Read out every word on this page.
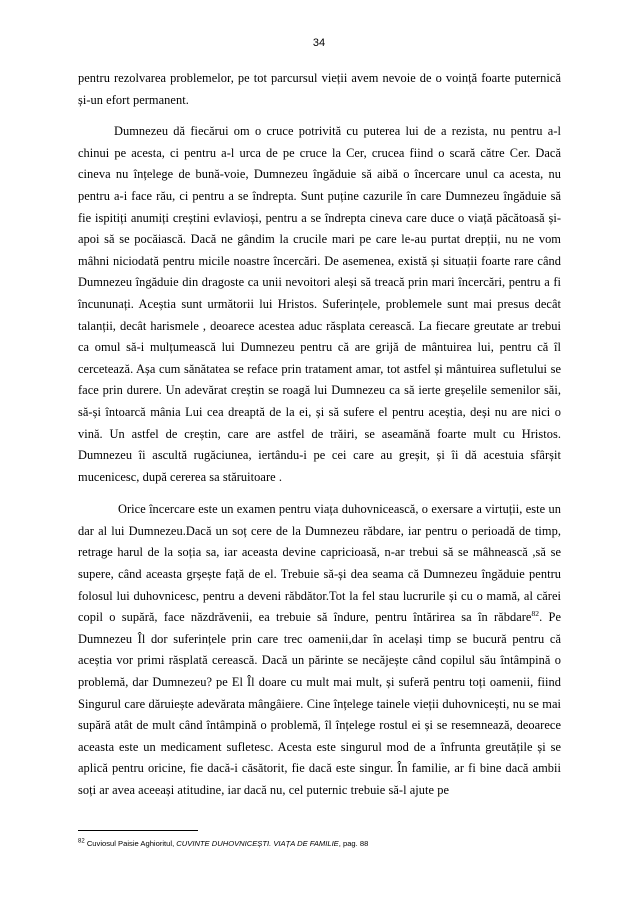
34

pentru rezolvarea problemelor, pe tot parcursul vieții avem nevoie de o voință foarte puternică și-un efort permanent.

Dumnezeu dă fiecărui om o cruce potrivită cu puterea lui de a rezista, nu pentru a-l chinui pe acesta, ci pentru a-l urca de pe cruce la Cer, crucea fiind o scară către Cer. Dacă cineva nu înțelege de bună-voie, Dumnezeu îngăduie să aibă o încercare unul ca acesta, nu pentru a-i face rău, ci pentru a se îndrepta. Sunt puține cazurile în care Dumnezeu îngăduie să fie ispitiți anumiți creștini evlavioși, pentru a se îndrepta cineva care duce o viață păcătoasă și-apoi să se pocăiască. Dacă ne gândim la crucile mari pe care le-au purtat drepții, nu ne vom mâhni niciodată pentru micile noastre încercări. De asemenea, există și situații foarte rare când Dumnezeu îngăduie din dragoste ca unii nevoitori aleși să treacă prin mari încercări, pentru a fi încununați. Aceștia sunt următorii lui Hristos. Suferințele, problemele sunt mai presus decât talanții, decât harismele , deoarece acestea aduc răsplata cerească. La fiecare greutate ar trebui ca omul să-i mulțumească lui Dumnezeu pentru că are grijă de mântuirea lui, pentru că îl cercetează. Așa cum sănătatea se reface prin tratament amar, tot astfel și mântuirea sufletului se face prin durere. Un adevărat creștin se roagă lui Dumnezeu ca să ierte greșelile semenilor săi, să-și întoarcă mânia Lui cea dreaptă de la ei, și să sufere el pentru aceștia, deși nu are nici o vină. Un astfel de creștin, care are astfel de trăiri, se aseamănă foarte mult cu Hristos. Dumnezeu îi ascultă rugăciunea, iertându-i pe cei care au greșit, și îi dă acestuia sfârșit mucenicesc, după cererea sa stăruitoare .

Orice încercare este un examen pentru viața duhovnicească, o exersare a virtuții, este un dar al lui Dumnezeu.Dacă un soț cere de la Dumnezeu răbdare, iar pentru o perioadă de timp, retrage harul de la soția sa, iar aceasta devine capricioasă, n-ar trebui să se mâhnească ,să se supere, când aceasta grșește față de el. Trebuie să-și dea seama că Dumnezeu îngăduie pentru folosul lui duhovnicesc, pentru a deveni răbdător.Tot la fel stau lucrurile și cu o mamă, al cărei copil o supără, face năzdrăvenii, ea trebuie să îndure, pentru întărirea sa în răbdare$^{82}$. Pe Dumnezeu Îl dor suferințele prin care trec oamenii,dar în același timp se bucură pentru că aceștia vor primi răsplată cerească. Dacă un părinte se necăjește când copilul său întâmpină o problemă, dar Dumnezeu? pe El Îl doare cu mult mai mult, și suferă pentru toți oamenii, fiind Singurul care dăruiește adevărata mângâiere. Cine înțelege tainele vieții duhovnicești, nu se mai supără atât de mult când întâmpină o problemă, îl înțelege rostul ei și se resemnează, deoarece aceasta este un medicament sufletesc. Acesta este singurul mod de a înfrunta greutățile și se aplică pentru oricine, fie dacă-i căsătorit, fie dacă este singur. În familie, ar fi bine dacă ambii soți ar avea aceeași atitudine, iar dacă nu, cel puternic trebuie să-l ajute pe

$^{82}$ Cuviosul Paisie Aghioritul, CUVINTE DUHOVNICEȘTI. VIAȚA DE FAMILIE, pag. 88
